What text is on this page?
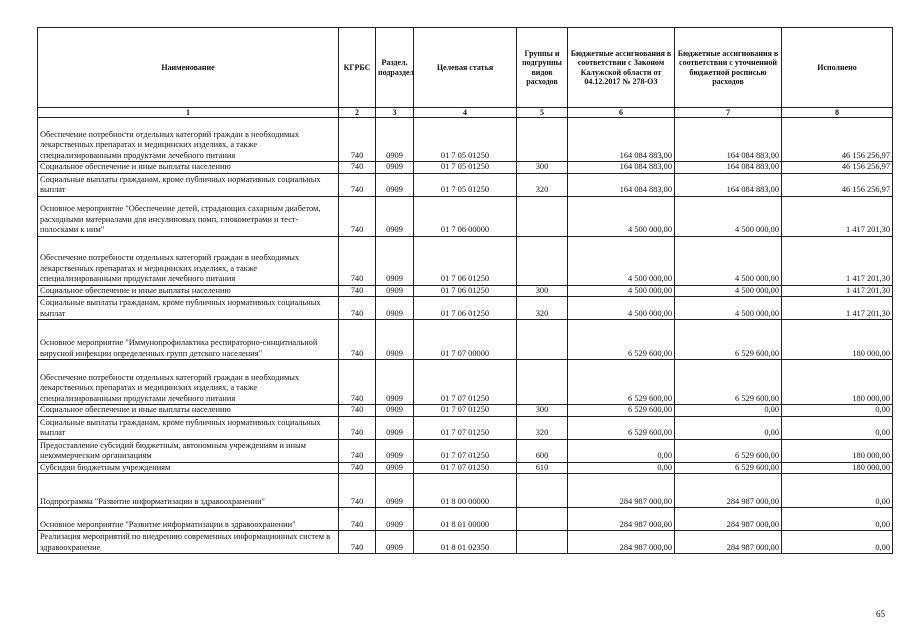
Наименование	КГРБС	Раздел, подраздел	Целевая статья	Группы и подгруппы видов расходов	Бюджетные ассигнования в соответствии с Законом Калужской области от 04.12.2017 № 278-ОЗ	Бюджетные ассигнования в соответствии с уточненной бюджетной росписью расходов	Исполнено
1	2	3	4	5	6	7	8
Обеспечение потребности отдельных категорий граждан в необходимых лекарственных препаратах и медицинских изделиях, а также специализированными продуктами лечебного питания	740	0909	01 7 05 01250		164 084 883,00	164 084 883,00	46 156 256,97
Социальное обеспечение и иные выплаты населению	740	0909	01 7 05 01250	300	164 084 883,00	164 084 883,00	46 156 256,97
Социальные выплаты гражданам, кроме публичных нормативных социальных выплат	740	0909	01 7 05 01250	320	164 084 883,00	164 084 883,00	46 156 256,97
Основное мероприятие "Обеспечение детей, страдающих сахарным диабетом, расходными материалами для инсулиновых помп, глюкометрами и тест-полосками к ним"	740	0909	01 7 06 00000		4 500 000,00	4 500 000,00	1 417 201,30
Обеспечение потребности отдельных категорий граждан в необходимых лекарственных препаратах и медицинских изделиях, а также специализированными продуктами лечебного питания	740	0909	01 7 06 01250		4 500 000,00	4 500 000,00	1 417 201,30
Социальное обеспечение и иные выплаты населению	740	0909	01 7 06 01250	300	4 500 000,00	4 500 000,00	1 417 201,30
Социальные выплаты гражданам, кроме публичных нормативных социальных выплат	740	0909	01 7 06 01250	320	4 500 000,00	4 500 000,00	1 417 201,30
Основное мероприятие "Иммунопрофилактика респираторно-синцитиальной вирусной инфекции определенных групп детского населения"	740	0909	01 7 07 00000		6 529 600,00	6 529 600,00	180 000,00
Обеспечение потребности отдельных категорий граждан в необходимых лекарственных препаратах и медицинских изделиях, а также специализированными продуктами лечебного питания	740	0909	01 7 07 01250		6 529 600,00	6 529 600,00	180 000,00
Социальное обеспечение и иные выплаты населению	740	0909	01 7 07 01250	300	6 529 600,00	0,00	0,00
Социальные выплаты гражданам, кроме публичных нормативных социальных выплат	740	0909	01 7 07 01250	320	6 529 600,00	0,00	0,00
Предоставление субсидий бюджетным, автономным учреждениям и иным некоммерческим организациям	740	0909	01 7 07 01250	600	0,00	6 529 600,00	180 000,00
Субсидии бюджетным учреждениям	740	0909	01 7 07 01250	610	0,00	6 529 600,00	180 000,00
Подпрограмма "Развитие информатизации в здравоохранении"	740	0909	01 8 00 00000		284 987 000,00	284 987 000,00	0,00
Основное мероприятие "Развитие информатизации в здравоохранении"	740	0909	01 8 01 00000		284 987 000,00	284 987 000,00	0,00
Реализация мероприятий по внедрению современных информационных систем в здравоохранение	740	0909	01 8 01 02350		284 987 000,00	284 987 000,00	0,00
65
